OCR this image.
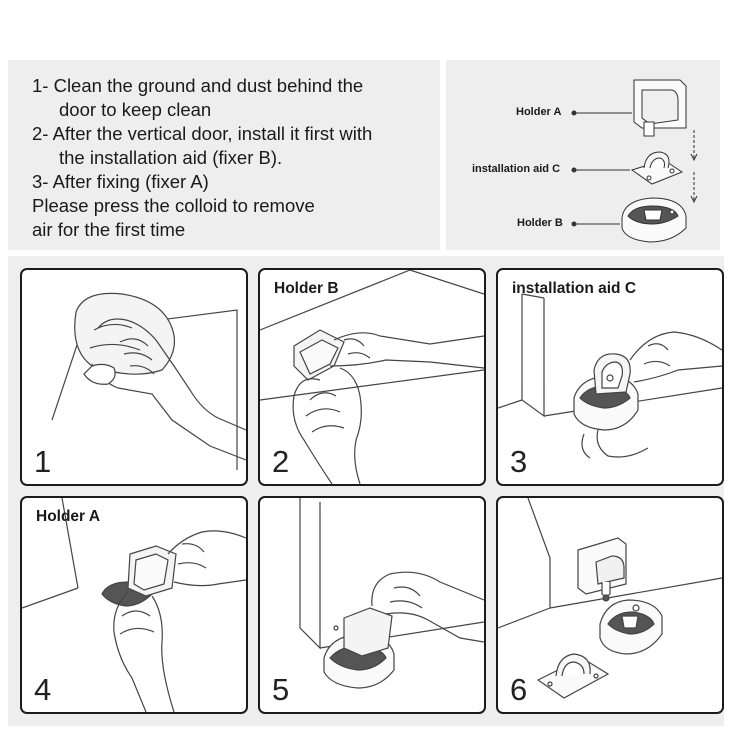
1- Clean the ground and dust behind the
door to keep clean
2- After the vertical door, install it first with
the installation aid (fixer B).
3- After fixing (fixer A)
Please press the colloid to remove
air for the first time
Holder A
installation aid C
Holder B
1
Holder B
2
installation aid C
3
Holder A
4	5	6
